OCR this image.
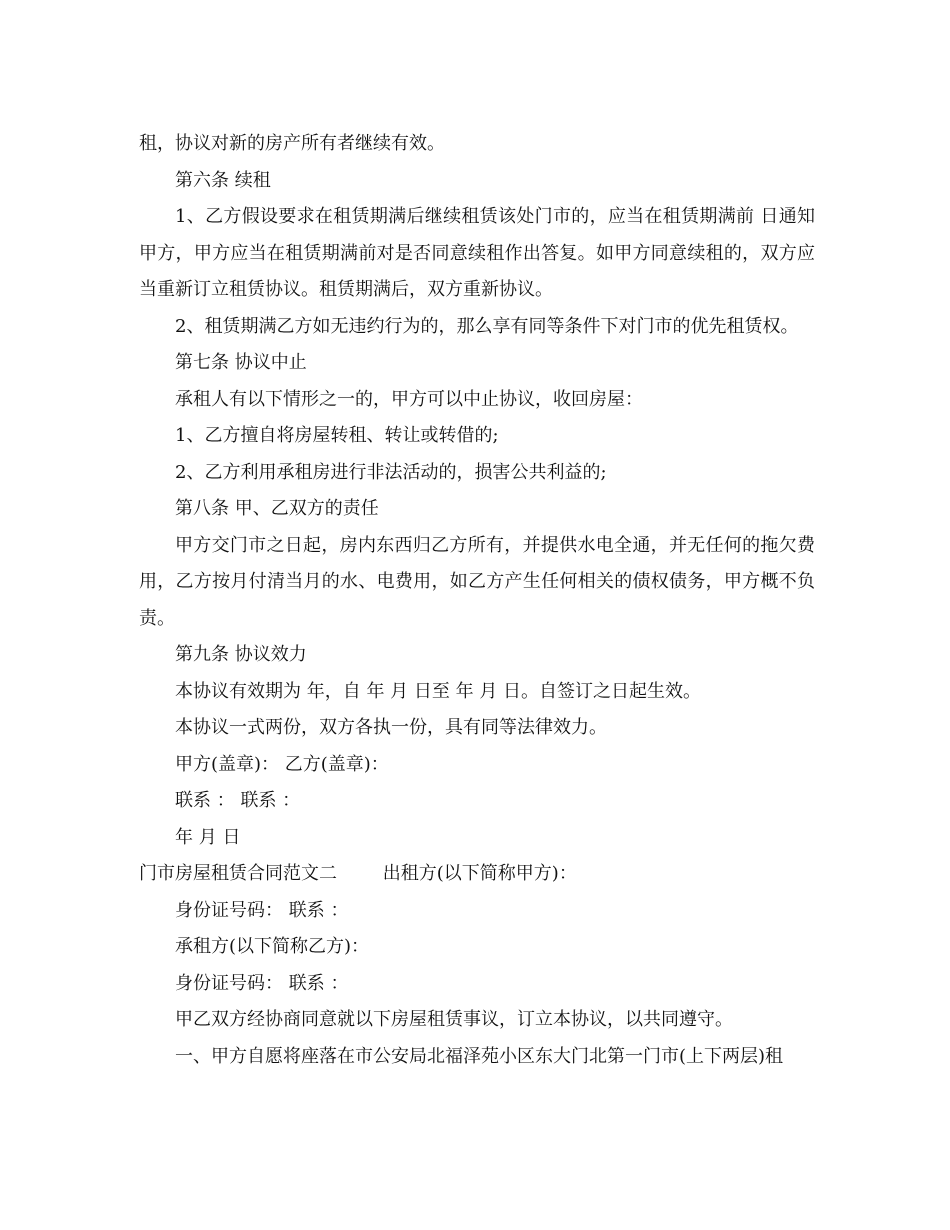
租，协议对新的房产所有者继续有效。

第六条 续租

1、乙方假设要求在租赁期满后继续租赁该处门市的，应当在租赁期满前 日通知甲方，甲方应当在租赁期满前对是否同意续租作出答复。如甲方同意续租的，双方应当重新订立租赁协议。租赁期满后，双方重新协议。

2、租赁期满乙方如无违约行为的，那么享有同等条件下对门市的优先租赁权。

第七条 协议中止

承租人有以下情形之一的，甲方可以中止协议，收回房屋：

1、乙方擅自将房屋转租、转让或转借的;

2、乙方利用承租房进行非法活动的，损害公共利益的;

第八条 甲、乙双方的责任

甲方交门市之日起，房内东西归乙方所有，并提供水电全通，并无任何的拖欠费用，乙方按月付清当月的水、电费用，如乙方产生任何相关的债权债务，甲方概不负责。

第九条 协议效力

本协议有效期为 年，自 年 月 日至 年 月 日。自签订之日起生效。

本协议一式两份，双方各执一份，具有同等法律效力。

甲方(盖章)： 乙方(盖章)：

联系 ： 联系 ：

年 月 日

门市房屋租赁合同范文二        出租方(以下简称甲方)：

身份证号码： 联系 ：

承租方(以下简称乙方)：

身份证号码： 联系 ：

甲乙双方经协商同意就以下房屋租赁事议，订立本协议，以共同遵守。

一、甲方自愿将座落在市公安局北福泽苑小区东大门北第一门市(上下两层)租
